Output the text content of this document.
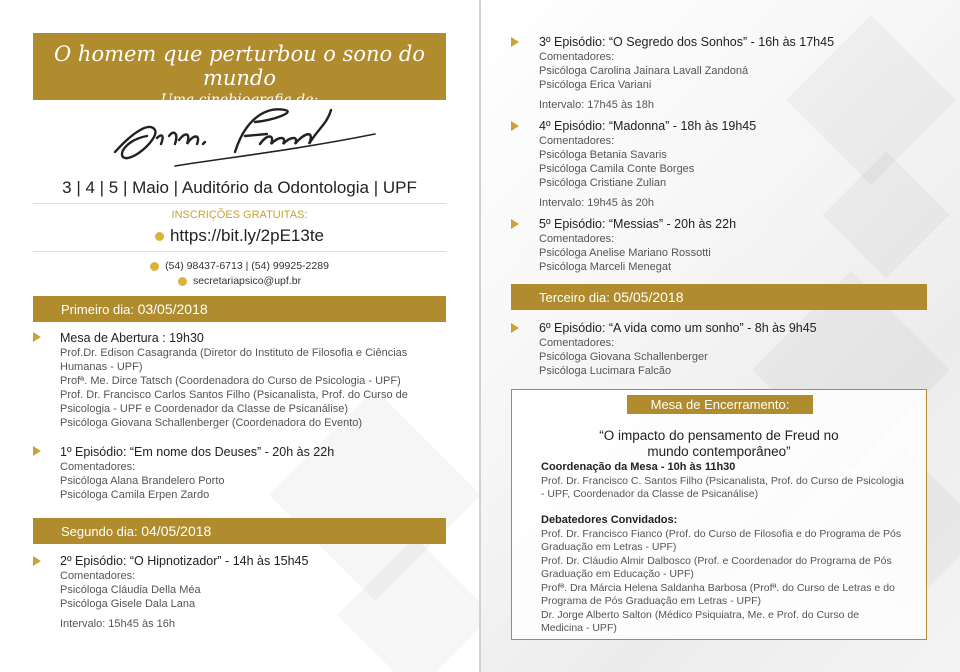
O homem que perturbou o sono do mundo
Uma cinebiografia de:
3 | 4 | 5 | Maio | Auditório da Odontologia | UPF
INSCRIÇÕES GRATUITAS:
https://bit.ly/2pE13te
(54) 98437-6713 | (54) 99925-2289
secretariapsico@upf.br
Primeiro dia: 03/05/2018
Mesa de Abertura : 19h30
Prof.Dr. Edison Casagranda (Diretor do Instituto de Filosofia e Ciências
Humanas - UPF)
Profª. Me. Dirce Tatsch (Coordenadora do Curso de Psicologia - UPF)
Prof. Dr. Francisco Carlos Santos Filho (Psicanalista, Prof. do Curso de
Psicologia - UPF e Coordenador da Classe de Psicanálise)
Psicóloga Giovana Schallenberger (Coordenadora do Evento)
1º Episódio: “Em nome dos Deuses” - 20h às 22h
Comentadores:
Psicóloga Alana Brandelero Porto
Psicóloga Camila Erpen Zardo
Segundo dia: 04/05/2018
2º Episódio: “O Hipnotizador” - 14h às 15h45
Comentadores:
Psicóloga Cláudia Della Méa
Psicóloga Gisele Dala Lana
Intervalo: 15h45 às 16h
3º Episódio: “O Segredo dos Sonhos” - 16h às 17h45
Comentadores:
Psicóloga Carolina Jainara Lavall Zandoná
Psicóloga Erica Variani
Intervalo: 17h45 às 18h
4º Episódio: “Madonna” - 18h às 19h45
Comentadores:
Psicóloga Betania Savaris
Psicóloga Camila Conte Borges
Psicóloga Cristiane Zulian
Intervalo: 19h45 às 20h
5º Episódio: “Messias” - 20h às 22h
Comentadores:
Psicóloga Anelise Mariano Rossotti
Psicóloga Marceli Menegat
Terceiro dia: 05/05/2018
6º Episódio: “A vida como um sonho” - 8h às 9h45
Comentadores:
Psicóloga Giovana Schallenberger
Psicóloga Lucimara Falcão
Mesa de Encerramento:
“O impacto do pensamento de Freud no
mundo contemporâneo”
Coordenação da Mesa - 10h às 11h30
Prof. Dr. Francisco C. Santos Filho (Psicanalista, Prof. do Curso de Psicologia
- UPF, Coordenador da Classe de Psicanálise)
Debatedores Convidados:
Prof. Dr. Francisco Fianco (Prof. do Curso de Filosofia e do Programa de Pós
Graduação em Letras - UPF)
Prof. Dr. Cláudio Almir Dalbosco (Prof. e Coordenador do Programa de Pós
Graduação em Educação - UPF)
Profª. Dra Márcia Helena Saldanha Barbosa (Profª. do Curso de Letras e do
Programa de Pós Graduação em Letras - UPF)
Dr. Jorge Alberto Salton (Médico Psiquiatra, Me. e Prof. do Curso de
Medicina - UPF)
